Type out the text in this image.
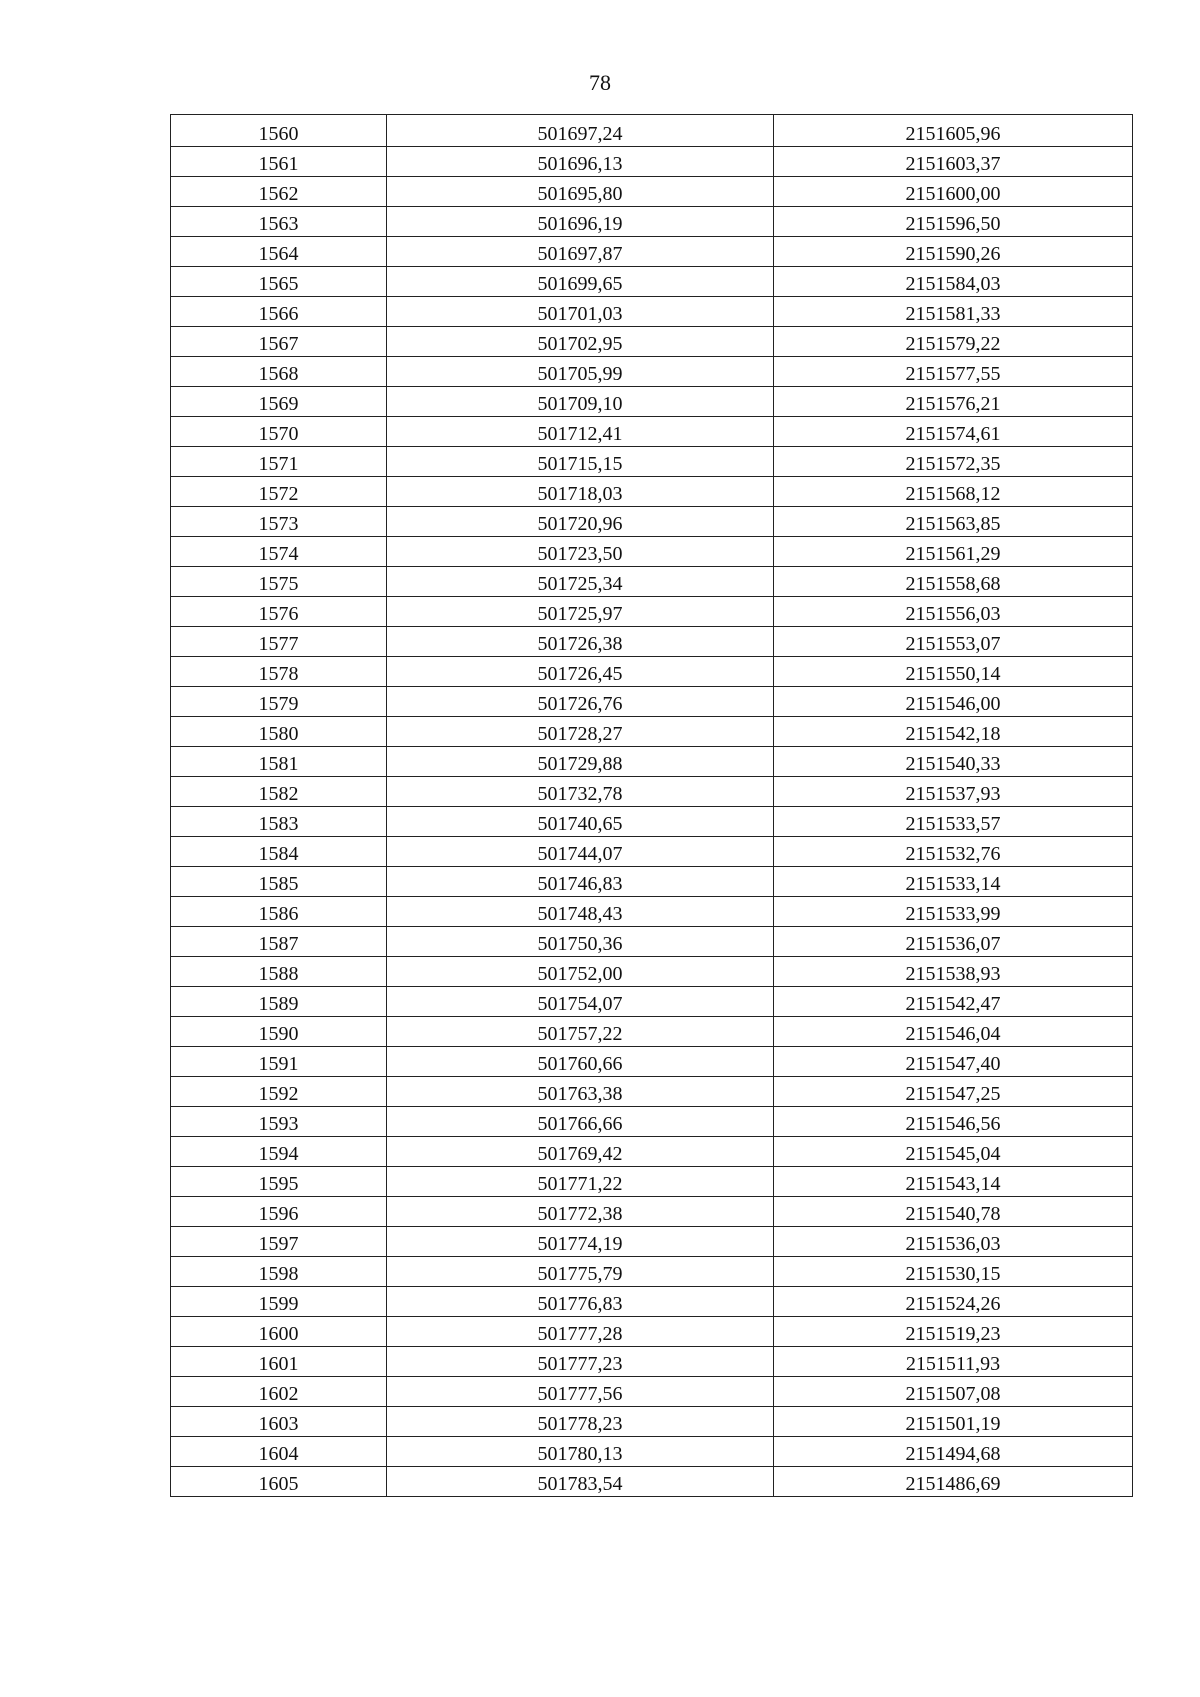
78
1560	501697,24	2151605,96
1561	501696,13	2151603,37
1562	501695,80	2151600,00
1563	501696,19	2151596,50
1564	501697,87	2151590,26
1565	501699,65	2151584,03
1566	501701,03	2151581,33
1567	501702,95	2151579,22
1568	501705,99	2151577,55
1569	501709,10	2151576,21
1570	501712,41	2151574,61
1571	501715,15	2151572,35
1572	501718,03	2151568,12
1573	501720,96	2151563,85
1574	501723,50	2151561,29
1575	501725,34	2151558,68
1576	501725,97	2151556,03
1577	501726,38	2151553,07
1578	501726,45	2151550,14
1579	501726,76	2151546,00
1580	501728,27	2151542,18
1581	501729,88	2151540,33
1582	501732,78	2151537,93
1583	501740,65	2151533,57
1584	501744,07	2151532,76
1585	501746,83	2151533,14
1586	501748,43	2151533,99
1587	501750,36	2151536,07
1588	501752,00	2151538,93
1589	501754,07	2151542,47
1590	501757,22	2151546,04
1591	501760,66	2151547,40
1592	501763,38	2151547,25
1593	501766,66	2151546,56
1594	501769,42	2151545,04
1595	501771,22	2151543,14
1596	501772,38	2151540,78
1597	501774,19	2151536,03
1598	501775,79	2151530,15
1599	501776,83	2151524,26
1600	501777,28	2151519,23
1601	501777,23	2151511,93
1602	501777,56	2151507,08
1603	501778,23	2151501,19
1604	501780,13	2151494,68
1605	501783,54	2151486,69
